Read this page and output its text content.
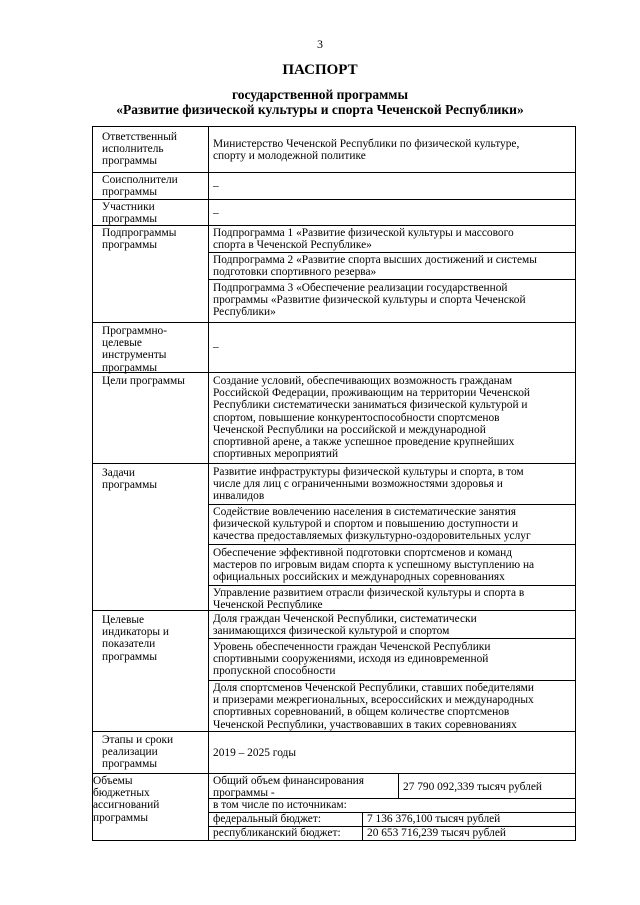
3
ПАСПОРТ
государственной программы
«Развитие физической культуры и спорта Чеченской Республики»
Ответственный
исполнитель
программы
Министерство Чеченской Республики по физической культуре,
спорту и молодежной политике
Соисполнители
программы
–
Участники
программы
–
Подпрограммы
программы
Подпрограмма 1 «Развитие физической культуры и массового
спорта в Чеченской Республике»
Подпрограмма 2 «Развитие спорта высших достижений и системы
подготовки спортивного резерва»
Подпрограмма 3 «Обеспечение реализации государственной
программы «Развитие физической культуры и спорта Чеченской
Республики»
Программно-
целевые
инструменты
программы
–
Цели программы Создание условий, обеспечивающих возможность гражданам
Российской Федерации, проживающим на территории Чеченской
Республики систематически заниматься физической культурой и
спортом, повышение конкурентоспособности спортсменов
Чеченской Республики на российской и международной
спортивной арене, а также успешное проведение крупнейших
спортивных мероприятий
Задачи
программы
Развитие инфраструктуры физической культуры и спорта, в том
числе для лиц с ограниченными возможностями здоровья и
инвалидов
Содействие вовлечению населения в систематические занятия
физической культурой и спортом и повышению доступности и
качества предоставляемых физкультурно-оздоровительных услуг
Обеспечение эффективной подготовки спортсменов и команд
мастеров по игровым видам спорта к успешному выступлению на
официальных российских и международных соревнованиях
Управление развитием отрасли физической культуры и спорта в
Чеченской Республике
Целевые
индикаторы и
показатели
программы
Доля граждан Чеченской Республики, систематически
занимающихся физической культурой и спортом
Уровень обеспеченности граждан Чеченской Республики
спортивными сооружениями, исходя из единовременной
пропускной способности
Доля спортсменов Чеченской Республики, ставших победителями
и призерами межрегиональных, всероссийских и международных
спортивных соревнований, в общем количестве спортсменов
Чеченской Республики, участвовавших в таких соревнованиях
Этапы и сроки
реализации
программы
2019 – 2025 годы
Объемы
бюджетных
ассигнований
программы
Общий объем финансирования
программы -
27 790 092,339 тысяч рублей
в том числе по источникам:
федеральный бюджет:	7 136 376,100 тысяч рублей
республиканский бюджет: 20 653 716,239 тысяч рублей
